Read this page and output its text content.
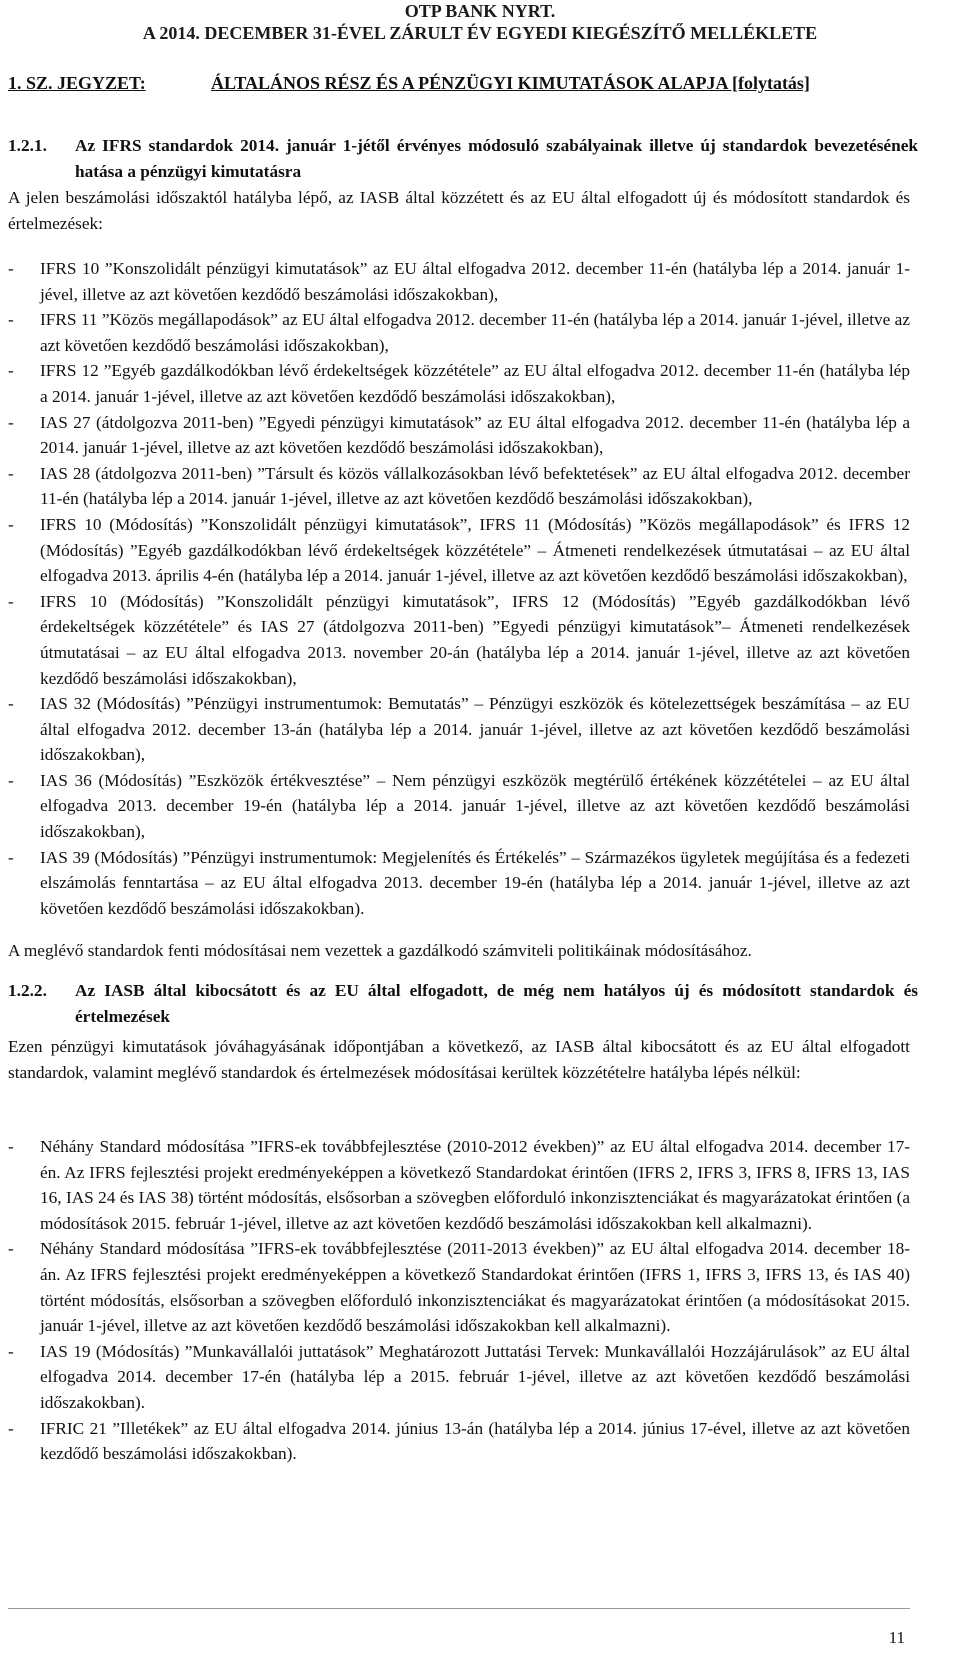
OTP BANK NYRT.
A 2014. DECEMBER 31-ÉVEL ZÁRULT ÉV EGYEDI KIEGÉSZÍTŐ MELLÉKLETE
1. SZ. JEGYZET:	ÁLTALÁNOS RÉSZ ÉS A PÉNZÜGYI KIMUTATÁSOK ALAPJA [folytatás]
1.2.1. Az IFRS standardok 2014. január 1-jétől érvényes módosuló szabályainak illetve új standardok bevezetésének hatása a pénzügyi kimutatásra
A jelen beszámolási időszaktól hatályba lépő, az IASB által közzétett és az EU által elfogadott új és módosított standardok és értelmezések:
- IFRS 10 ”Konszolidált pénzügyi kimutatások” az EU által elfogadva 2012. december 11-én (hatályba lép a 2014. január 1-jével, illetve az azt követően kezdődő beszámolási időszakokban),
- IFRS 11 ”Közös megállapodások” az EU által elfogadva 2012. december 11-én (hatályba lép a 2014. január 1-jével, illetve az azt követően kezdődő beszámolási időszakokban),
- IFRS 12 ”Egyéb gazdálkodókban lévő érdekeltségek közzététele” az EU által elfogadva 2012. december 11-én (hatályba lép a 2014. január 1-jével, illetve az azt követően kezdődő beszámolási időszakokban),
- IAS 27 (átdolgozva 2011-ben) ”Egyedi pénzügyi kimutatások” az EU által elfogadva 2012. december 11-én (hatályba lép a 2014. január 1-jével, illetve az azt követően kezdődő beszámolási időszakokban),
- IAS 28 (átdolgozva 2011-ben) ”Társult és közös vállalkozásokban lévő befektetések” az EU által elfogadva 2012. december 11-én (hatályba lép a 2014. január 1-jével, illetve az azt követően kezdődő beszámolási időszakokban),
- IFRS 10 (Módosítás) ”Konszolidált pénzügyi kimutatások”, IFRS 11 (Módosítás) ”Közös megállapodások” és IFRS 12 (Módosítás) ”Egyéb gazdálkodókban lévő érdekeltségek közzététele” – Átmeneti rendelkezések útmutatásai – az EU által elfogadva 2013. április 4-én (hatályba lép a 2014. január 1-jével, illetve az azt követően kezdődő beszámolási időszakokban),
- IFRS 10 (Módosítás) ”Konszolidált pénzügyi kimutatások”, IFRS 12 (Módosítás) ”Egyéb gazdálkodókban lévő érdekeltségek közzététele” és IAS 27 (átdolgozva 2011-ben) ”Egyedi pénzügyi kimutatások”– Átmeneti rendelkezések útmutatásai – az EU által elfogadva 2013. november 20-án (hatályba lép a 2014. január 1-jével, illetve az azt követően kezdődő beszámolási időszakokban),
- IAS 32 (Módosítás) ”Pénzügyi instrumentumok: Bemutatás” – Pénzügyi eszközök és kötelezettségek beszámítása – az EU által elfogadva 2012. december 13-án (hatályba lép a 2014. január 1-jével, illetve az azt követően kezdődő beszámolási időszakokban),
- IAS 36 (Módosítás) ”Eszközök értékvesztése” – Nem pénzügyi eszközök megtérülő értékének közzétételei – az EU által elfogadva 2013. december 19-én (hatályba lép a 2014. január 1-jével, illetve az azt követően kezdődő beszámolási időszakokban),
- IAS 39 (Módosítás) ”Pénzügyi instrumentumok: Megjelenítés és Értékelés” – Származékos ügyletek megújítása és a fedezeti elszámolás fenntartása – az EU által elfogadva 2013. december 19-én (hatályba lép a 2014. január 1-jével, illetve az azt követően kezdődő beszámolási időszakokban).
A meglévő standardok fenti módosításai nem vezettek a gazdálkodó számviteli politikáinak módosításához.
1.2.2. Az IASB által kibocsátott és az EU által elfogadott, de még nem hatályos új és módosított standardok és értelmezések
Ezen pénzügyi kimutatások jóváhagyásának időpontjában a következő, az IASB által kibocsátott és az EU által elfogadott standardok, valamint meglévő standardok és értelmezések módosításai kerültek közzétételre hatályba lépés nélkül:
- Néhány Standard módosítása ”IFRS-ek továbbfejlesztése (2010-2012 években)” az EU által elfogadva 2014. december 17-én. Az IFRS fejlesztési projekt eredményeképpen a következő Standardokat érintően (IFRS 2, IFRS 3, IFRS 8, IFRS 13, IAS 16, IAS 24 és IAS 38) történt módosítás, elsősorban a szövegben előforduló inkonzisztenciákat és magyarázatokat érintően (a módosítások 2015. február 1-jével, illetve az azt követően kezdődő beszámolási időszakokban kell alkalmazni).
- Néhány Standard módosítása ”IFRS-ek továbbfejlesztése (2011-2013 években)” az EU által elfogadva 2014. december 18-án. Az IFRS fejlesztési projekt eredményeképpen a következő Standardokat érintően (IFRS 1, IFRS 3, IFRS 13, és IAS 40) történt módosítás, elsősorban a szövegben előforduló inkonzisztenciákat és magyarázatokat érintően (a módosításokat 2015. január 1-jével, illetve az azt követően kezdődő beszámolási időszakokban kell alkalmazni).
- IAS 19 (Módosítás) ”Munkavállalói juttatások” Meghatározott Juttatási Tervek: Munkavállalói Hozzájárulások” az EU által elfogadva 2014. december 17-én (hatályba lép a 2015. február 1-jével, illetve az azt követően kezdődő beszámolási időszakokban).
- IFRIC 21 ”Illetékek” az EU által elfogadva 2014. június 13-án (hatályba lép a 2014. június 17-ével, illetve az azt követően kezdődő beszámolási időszakokban).
11
